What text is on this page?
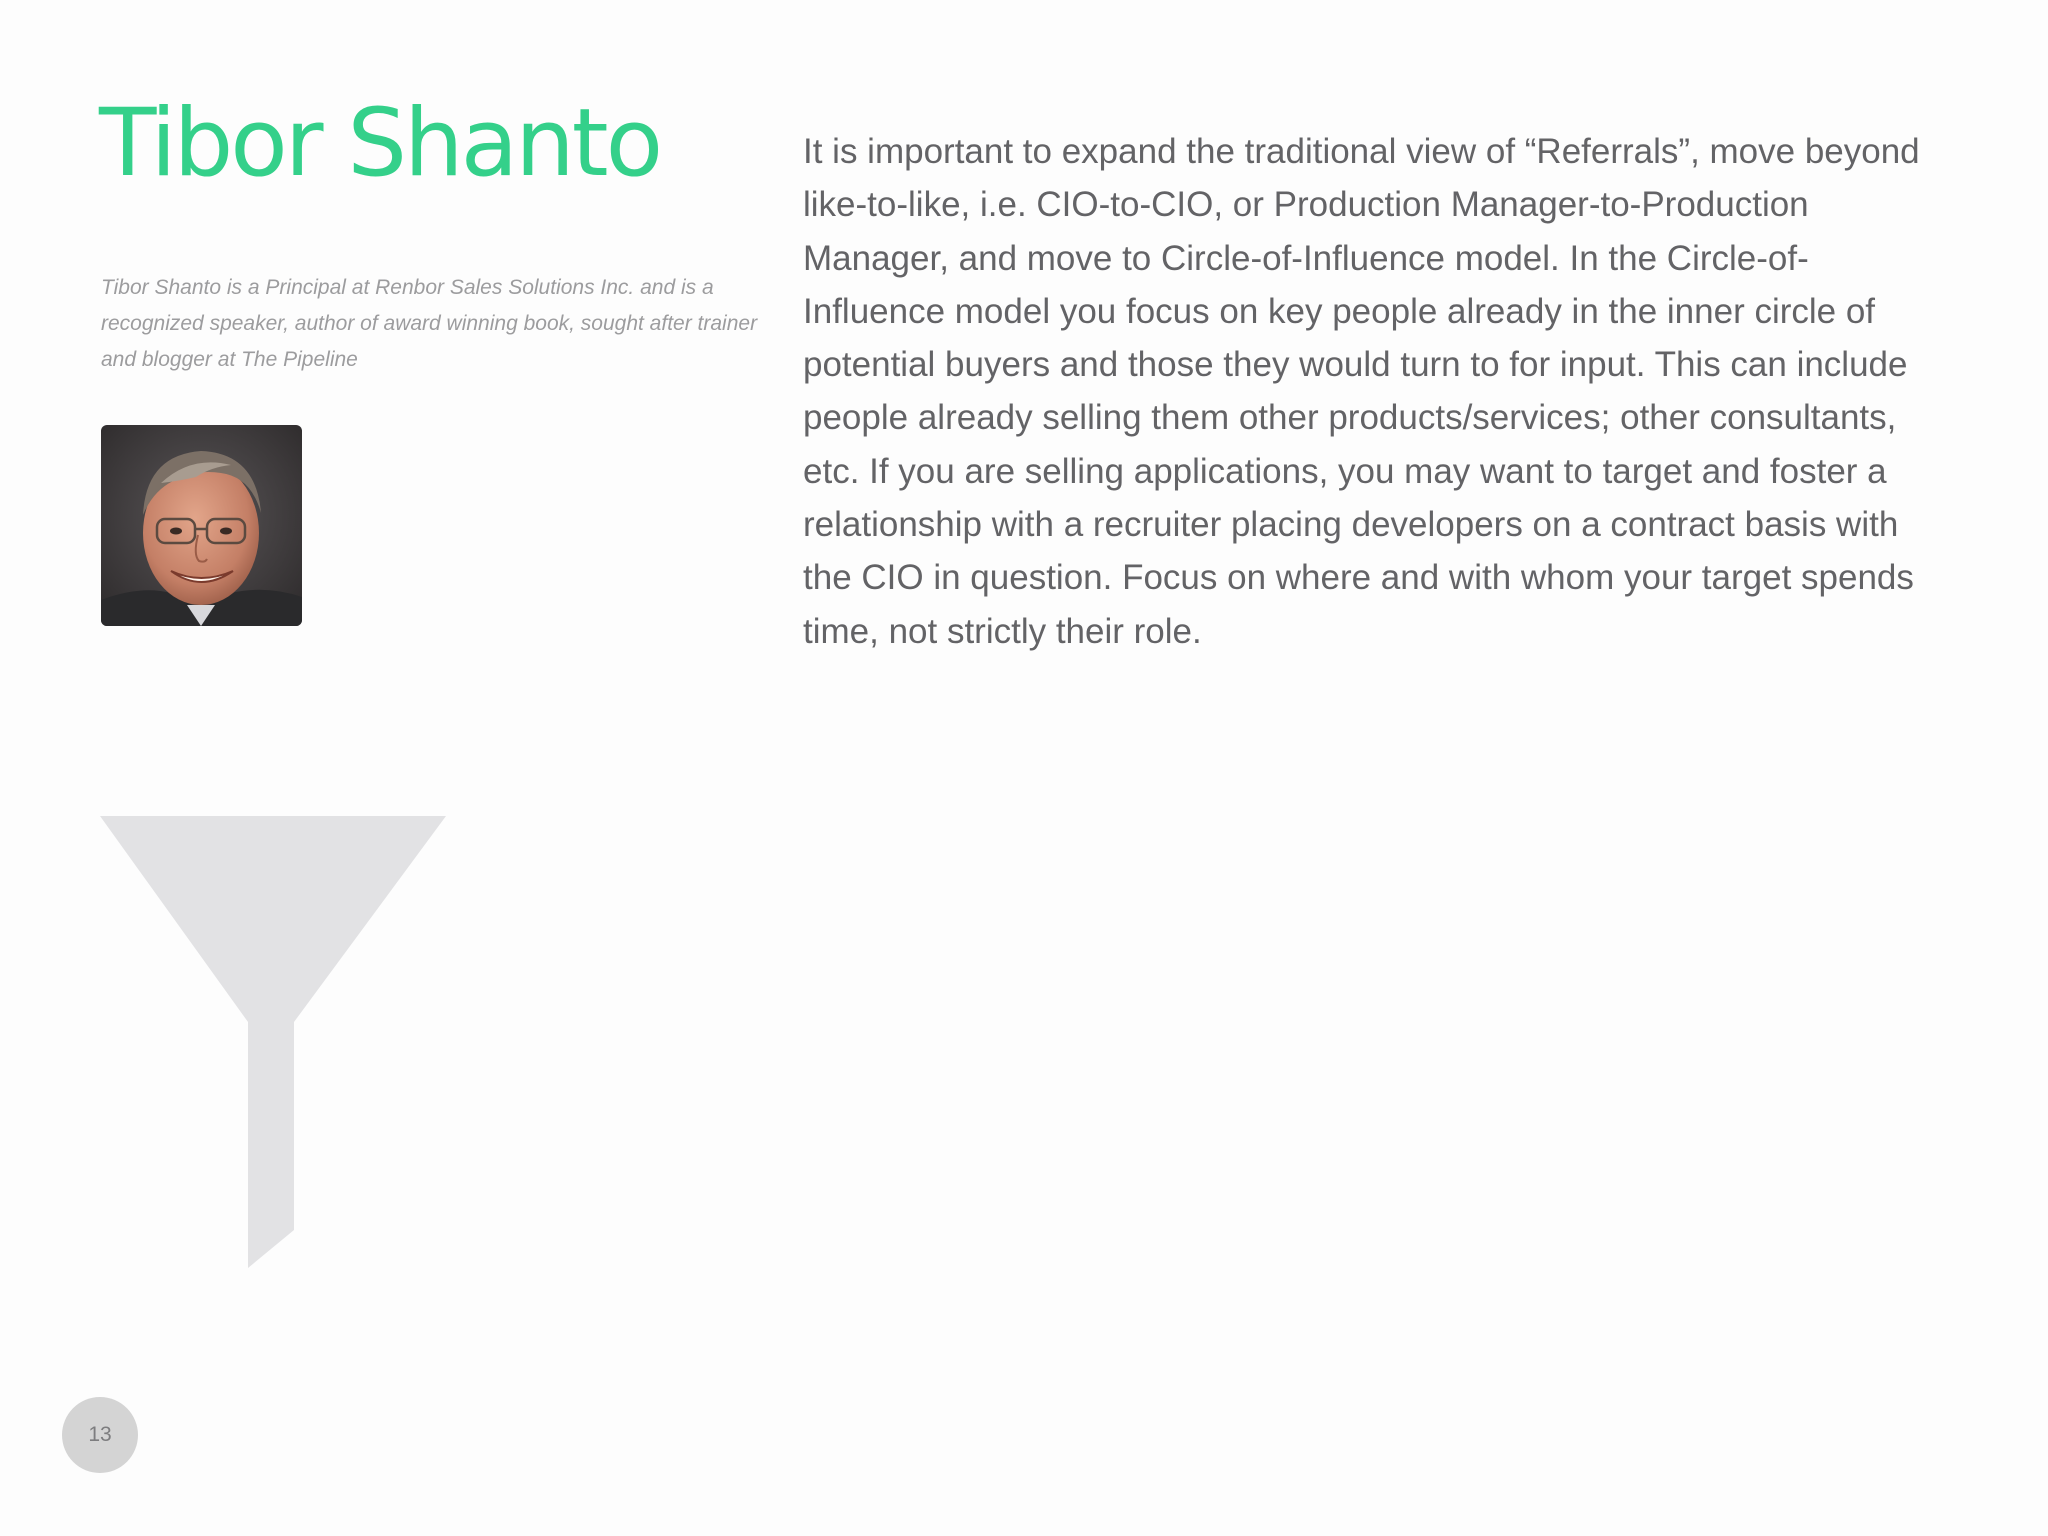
Tibor Shanto

Tibor Shanto is a Principal at Renbor Sales Solutions Inc. and is a recognized speaker, author of award winning book, sought after trainer and blogger at The Pipeline

It is important to expand the traditional view of “Referrals”, move beyond
like-to-like, i.e. CIO-to-CIO, or Production Manager-to-Production
Manager, and move to Circle-of-Influence model. In the Circle-of-
Influence model you focus on key people already in the inner circle of
potential buyers and those they would turn to for input. This can include
people already selling them other products/services; other consultants,
etc. If you are selling applications, you may want to target and foster a
relationship with a recruiter placing developers on a contract basis with
the CIO in question. Focus on where and with whom your target spends
time, not strictly their role.

13
